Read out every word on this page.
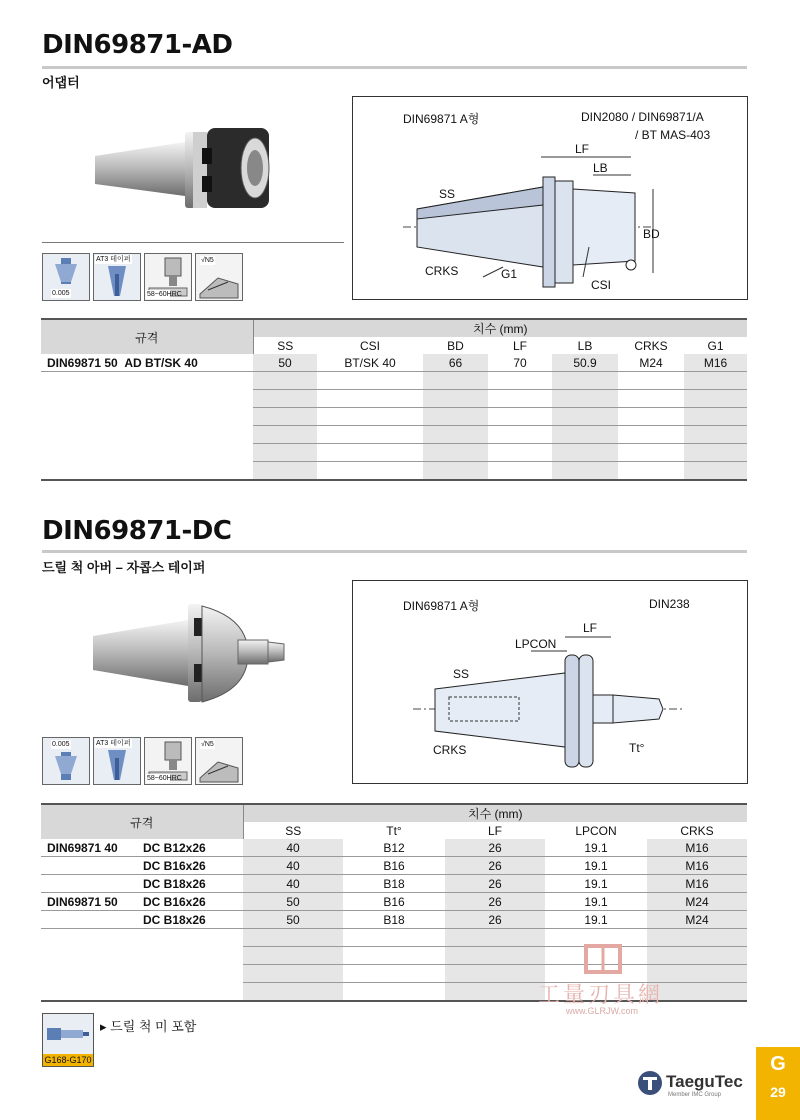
DIN69871-AD
어댑터
0.005
AT3 테이퍼
58~60HRC
√N5
DIN69871 A형	DIN2080 / DIN69871/A
/ BT MAS-403
LF
LB
SS
BD
CRKS	G1
CSI
규격	치수 (mm)						
	SS	CSI	BD	LF	LB	CRKS	G1
DIN69871 50 AD BT/SK 40	50	BT/SK 40	66	70	50.9	M24	M16

DIN69871-DC
드릴 척 아버 – 자콥스 테이퍼
0.005	AT3 테이퍼
58~60HRC
√N5
DIN69871 A형	DIN238
LF
LPCON
SS
CRKS	Tt°
규격	치수 (mm)				
	SS	Tt°	LF	LPCON	CRKS
DIN69871 40 DC B12x26	40	B12	26	19.1	M16
DC B16x26	40	B16	26	19.1	M16
DC B18x26	40	B18	26	19.1	M16
DIN69871 50 DC B16x26	50	B16	26	19.1	M24
DC B18x26	50	B18	26	19.1	M24

工量刃具網
www.GLRJW.com
G168-G170
▸ 드릴 척 미 포함
TaeguTec
Member IMC Group
G
29
